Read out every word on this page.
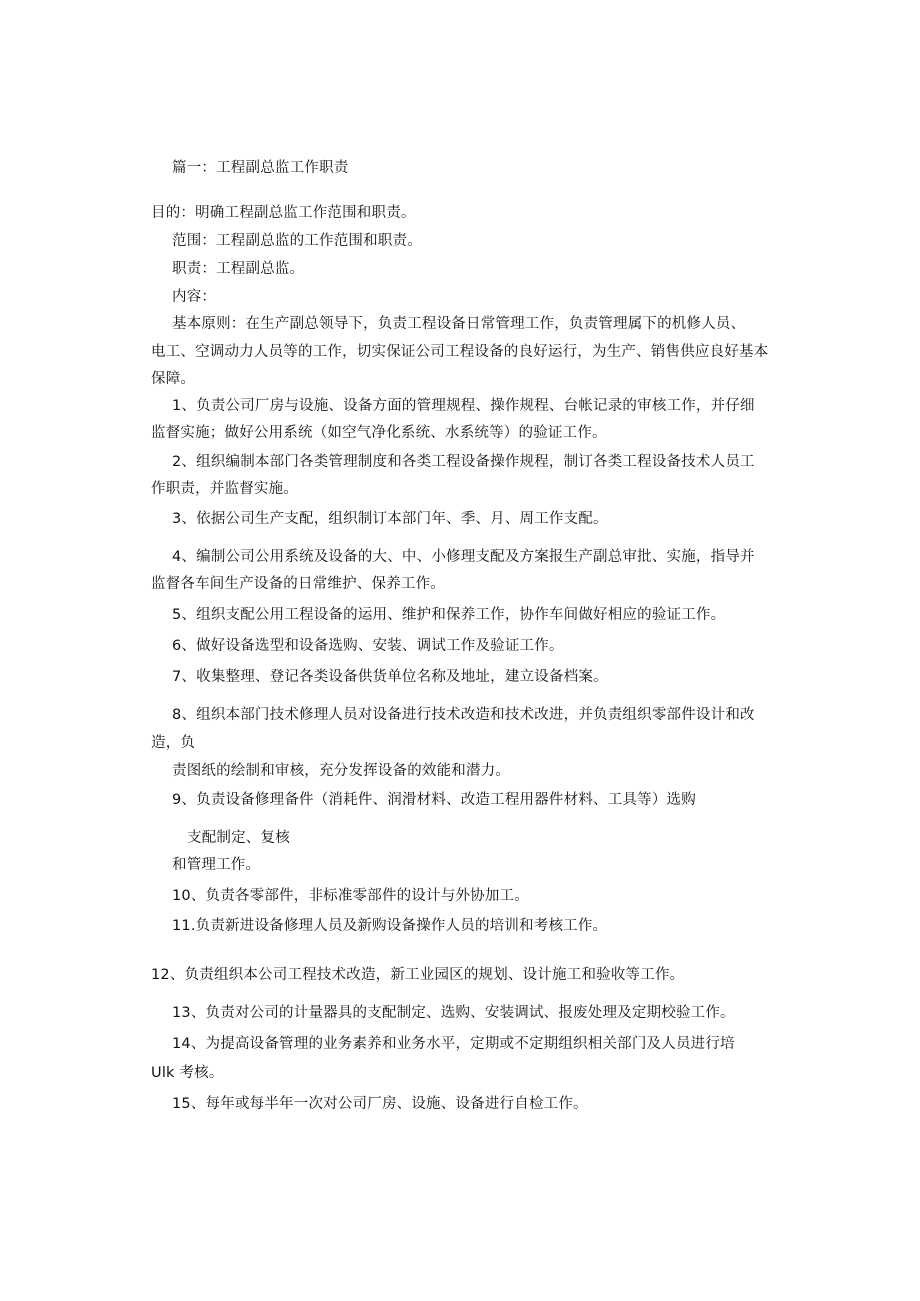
篇一：工程副总监工作职责
目的：明确工程副总监工作范围和职责。
范围：工程副总监的工作范围和职责。
职责：工程副总监。
内容：
基本原则：在生产副总领导下，负责工程设备日常管理工作，负责管理属下的机修人员、
电工、空调动力人员等的工作，切实保证公司工程设备的良好运行，为生产、销售供应良好基本
保障。
1、负责公司厂房与设施、设备方面的管理规程、操作规程、台帐记录的审核工作，并仔细
监督实施；做好公用系统（如空气净化系统、水系统等）的验证工作。
2、组织编制本部门各类管理制度和各类工程设备操作规程，制订各类工程设备技术人员工
作职责，并监督实施。
3、依据公司生产支配，组织制订本部门年、季、月、周工作支配。
4、编制公司公用系统及设备的大、中、小修理支配及方案报生产副总审批、实施，指导并
监督各车间生产设备的日常维护、保养工作。
5、组织支配公用工程设备的运用、维护和保养工作，协作车间做好相应的验证工作。
6、做好设备选型和设备选购、安装、调试工作及验证工作。
7、收集整理、登记各类设备供货单位名称及地址，建立设备档案。
8、组织本部门技术修理人员对设备进行技术改造和技术改进，并负责组织零部件设计和改
造，负
责图纸的绘制和审核，充分发挥设备的效能和潜力。
9、负责设备修理备件（消耗件、润滑材料、改造工程用器件材料、工具等）选购
支配制定、复核
和管理工作。
10、负责各零部件，非标准零部件的设计与外协加工。
11.负责新进设备修理人员及新购设备操作人员的培训和考核工作。
12、负责组织本公司工程技术改造，新工业园区的规划、设计施工和验收等工作。
13、负责对公司的计量器具的支配制定、选购、安装调试、报废处理及定期校验工作。
14、为提高设备管理的业务素养和业务水平，定期或不定期组织相关部门及人员进行培
Ulk 考核。
15、每年或每半年一次对公司厂房、设施、设备进行自检工作。
